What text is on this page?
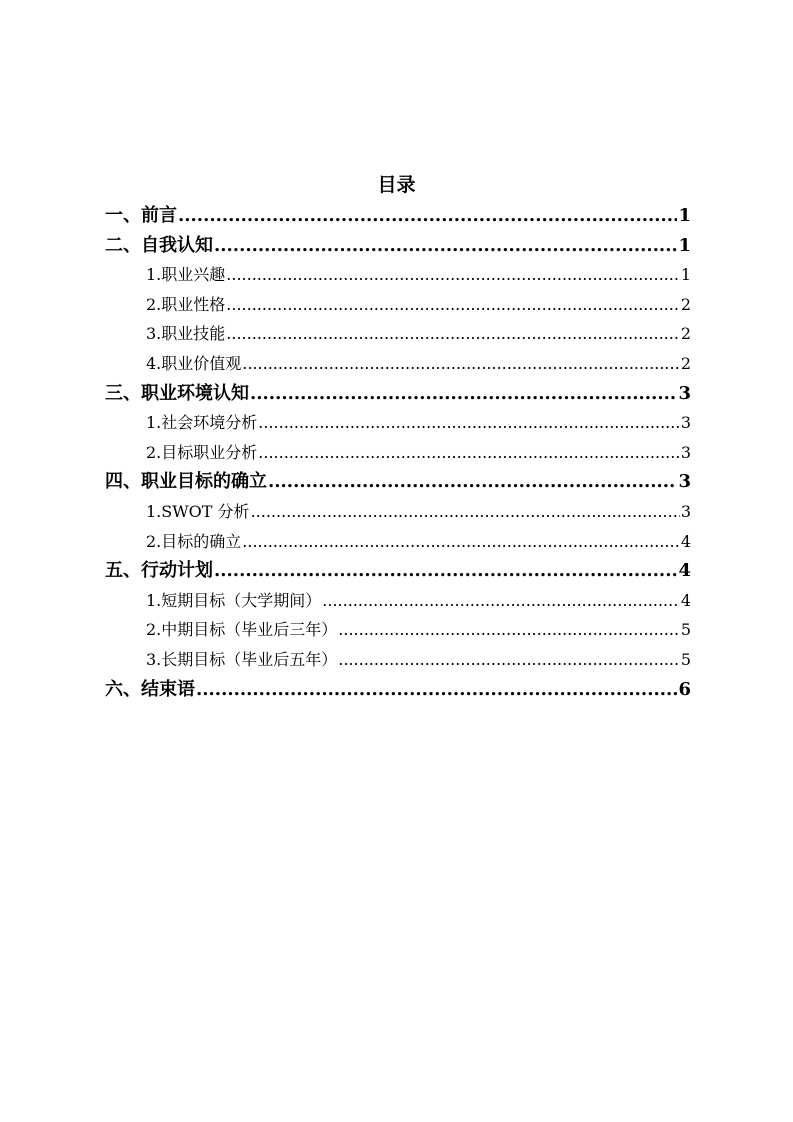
目录
一、前言 .....	1
二、自我认知 .....	1
1.职业兴趣 .....	1
2.职业性格 .....	2
3.职业技能 .....	2
4.职业价值观 .....	2
三、职业环境认知 .....	3
1.社会环境分析 .....	3
2.目标职业分析 .....	3
四、职业目标的确立 .....	3
1.SWOT 分析 .....	3
2.目标的确立 .....	4
五、行动计划 .....	4
1.短期目标（大学期间） .....	4
2.中期目标（毕业后三年） .....	5
3.长期目标（毕业后五年） .....	5
六、结束语 .....	6
